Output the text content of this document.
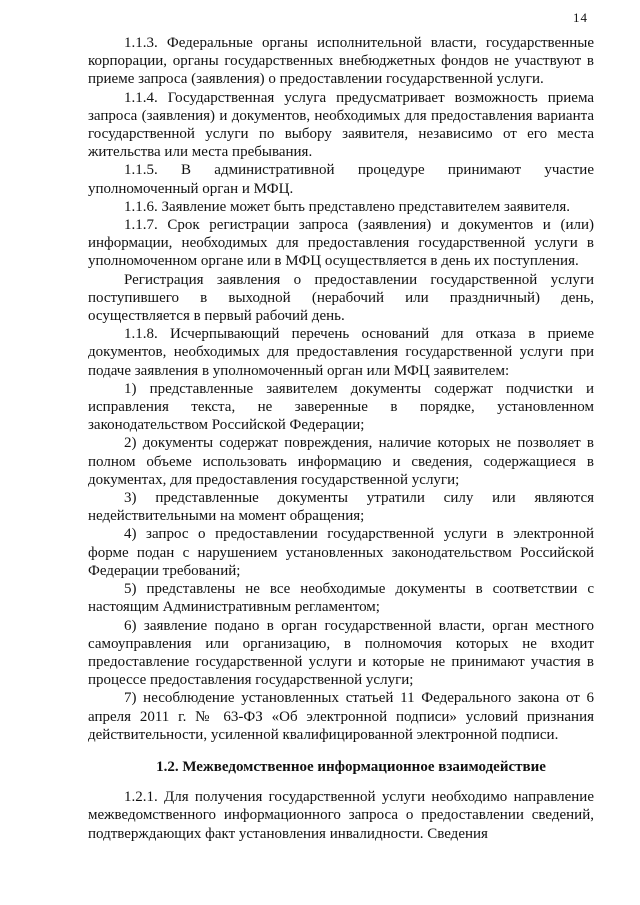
14

1.1.3. Федеральные органы исполнительной власти, государственные корпорации, органы государственных внебюджетных фондов не участвуют в приеме запроса (заявления) о предоставлении государственной услуги.

1.1.4. Государственная услуга предусматривает возможность приема запроса (заявления) и документов, необходимых для предоставления варианта государственной услуги по выбору заявителя, независимо от его места жительства или места пребывания.

1.1.5. В административной процедуре принимают участие уполномоченный орган и МФЦ.

1.1.6. Заявление может быть представлено представителем заявителя.

1.1.7. Срок регистрации запроса (заявления) и документов и (или) информации, необходимых для предоставления государственной услуги в уполномоченном органе или в МФЦ осуществляется в день их поступления.

Регистрация заявления о предоставлении государственной услуги поступившего в выходной (нерабочий или праздничный) день, осуществляется в первый рабочий день.

1.1.8. Исчерпывающий перечень оснований для отказа в приеме документов, необходимых для предоставления государственной услуги при подаче заявления в уполномоченный орган или МФЦ заявителем:

1) представленные заявителем документы содержат подчистки и исправления текста, не заверенные в порядке, установленном законодательством Российской Федерации;

2) документы содержат повреждения, наличие которых не позволяет в полном объеме использовать информацию и сведения, содержащиеся в документах, для предоставления государственной услуги;

3) представленные документы утратили силу или являются недействительными на момент обращения;

4) запрос о предоставлении государственной услуги в электронной форме подан с нарушением установленных законодательством Российской Федерации требований;

5) представлены не все необходимые документы в соответствии с настоящим Административным регламентом;

6) заявление подано в орган государственной власти, орган местного самоуправления или организацию, в полномочия которых не входит предоставление государственной услуги и которые не принимают участия в процессе предоставления государственной услуги;

7) несоблюдение установленных статьей 11 Федерального закона от 6 апреля 2011 г. № 63-ФЗ «Об электронной подписи» условий признания действительности, усиленной квалифицированной электронной подписи.

1.2. Межведомственное информационное взаимодействие

1.2.1. Для получения государственной услуги необходимо направление межведомственного информационного запроса о предоставлении сведений, подтверждающих факт установления инвалидности. Сведения
